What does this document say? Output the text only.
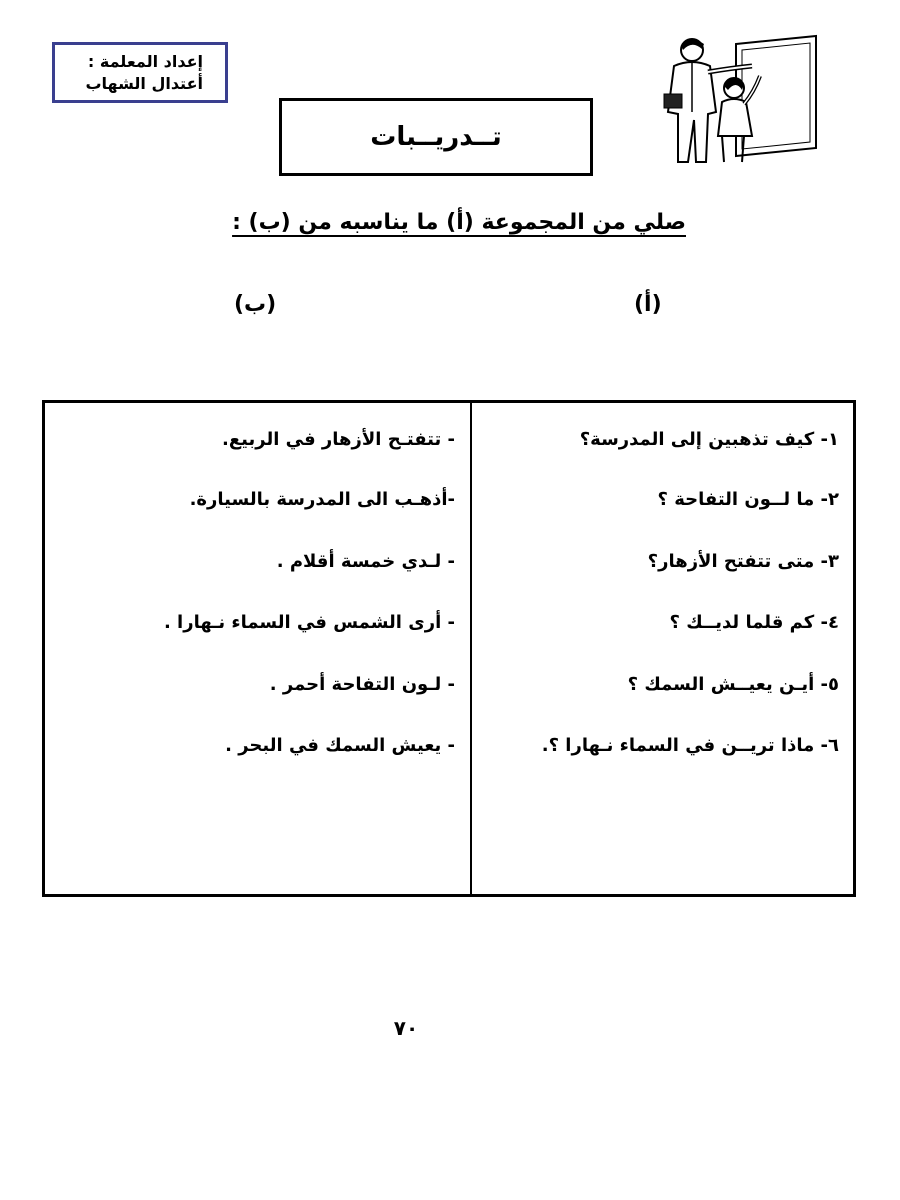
إعداد المعلمة :
أعتدال الشهاب
تــدريــبات
صلي من المجموعة (أ) ما يناسبه من (ب) :
(أ)
(ب)
١- كيف تذهبين إلى المدرسة؟
٢- ما لــون التفاحة ؟
٣- متى تتفتح الأزهار؟
٤- كم قلما لديــك ؟
٥- أيـن يعيــش السمك ؟
٦- ماذا تريــن في السماء نـهارا ؟.
- تتفتـح الأزهار في الربيع.
-أذهـب الى المدرسة بالسيارة.
- لـدي خمسة أقلام .
- أرى الشمس في السماء نـهارا .
- لـون التفاحة أحمر .
- يعيش السمك في البحر .
٧٠
